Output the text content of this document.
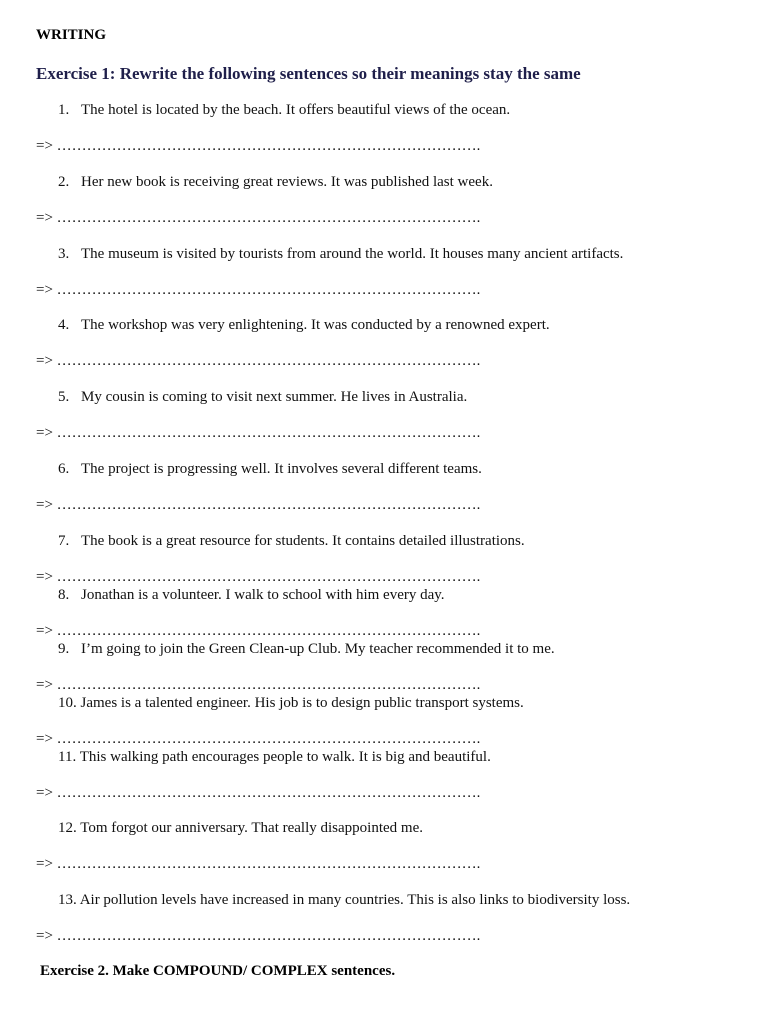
WRITING
Exercise 1: Rewrite the following sentences so their meanings stay the same
1. The hotel is located by the beach. It offers beautiful views of the ocean.
=> ………………………………………………………………………….
2. Her new book is receiving great reviews. It was published last week.
=> ………………………………………………………………………….
3. The museum is visited by tourists from around the world. It houses many ancient artifacts.
=> ………………………………………………………………………….
4. The workshop was very enlightening. It was conducted by a renowned expert.
=> ………………………………………………………………………….
5. My cousin is coming to visit next summer. He lives in Australia.
=> ………………………………………………………………………….
6. The project is progressing well. It involves several different teams.
=> ………………………………………………………………………….
7. The book is a great resource for students. It contains detailed illustrations.
=> ………………………………………………………………………….
8. Jonathan is a volunteer. I walk to school with him every day.
=> ………………………………………………………………………….
9. I’m going to join the Green Clean-up Club. My teacher recommended it to me.
=> ………………………………………………………………………….
10. James is a talented engineer. His job is to design public transport systems.
=> ………………………………………………………………………….
11. This walking path encourages people to walk. It is big and beautiful.
=> ………………………………………………………………………….
12. Tom forgot our anniversary. That really disappointed me.
=> ………………………………………………………………………….
13. Air pollution levels have increased in many countries. This is also links to biodiversity loss.
=> ………………………………………………………………………….
Exercise 2. Make COMPOUND/ COMPLEX sentences.
